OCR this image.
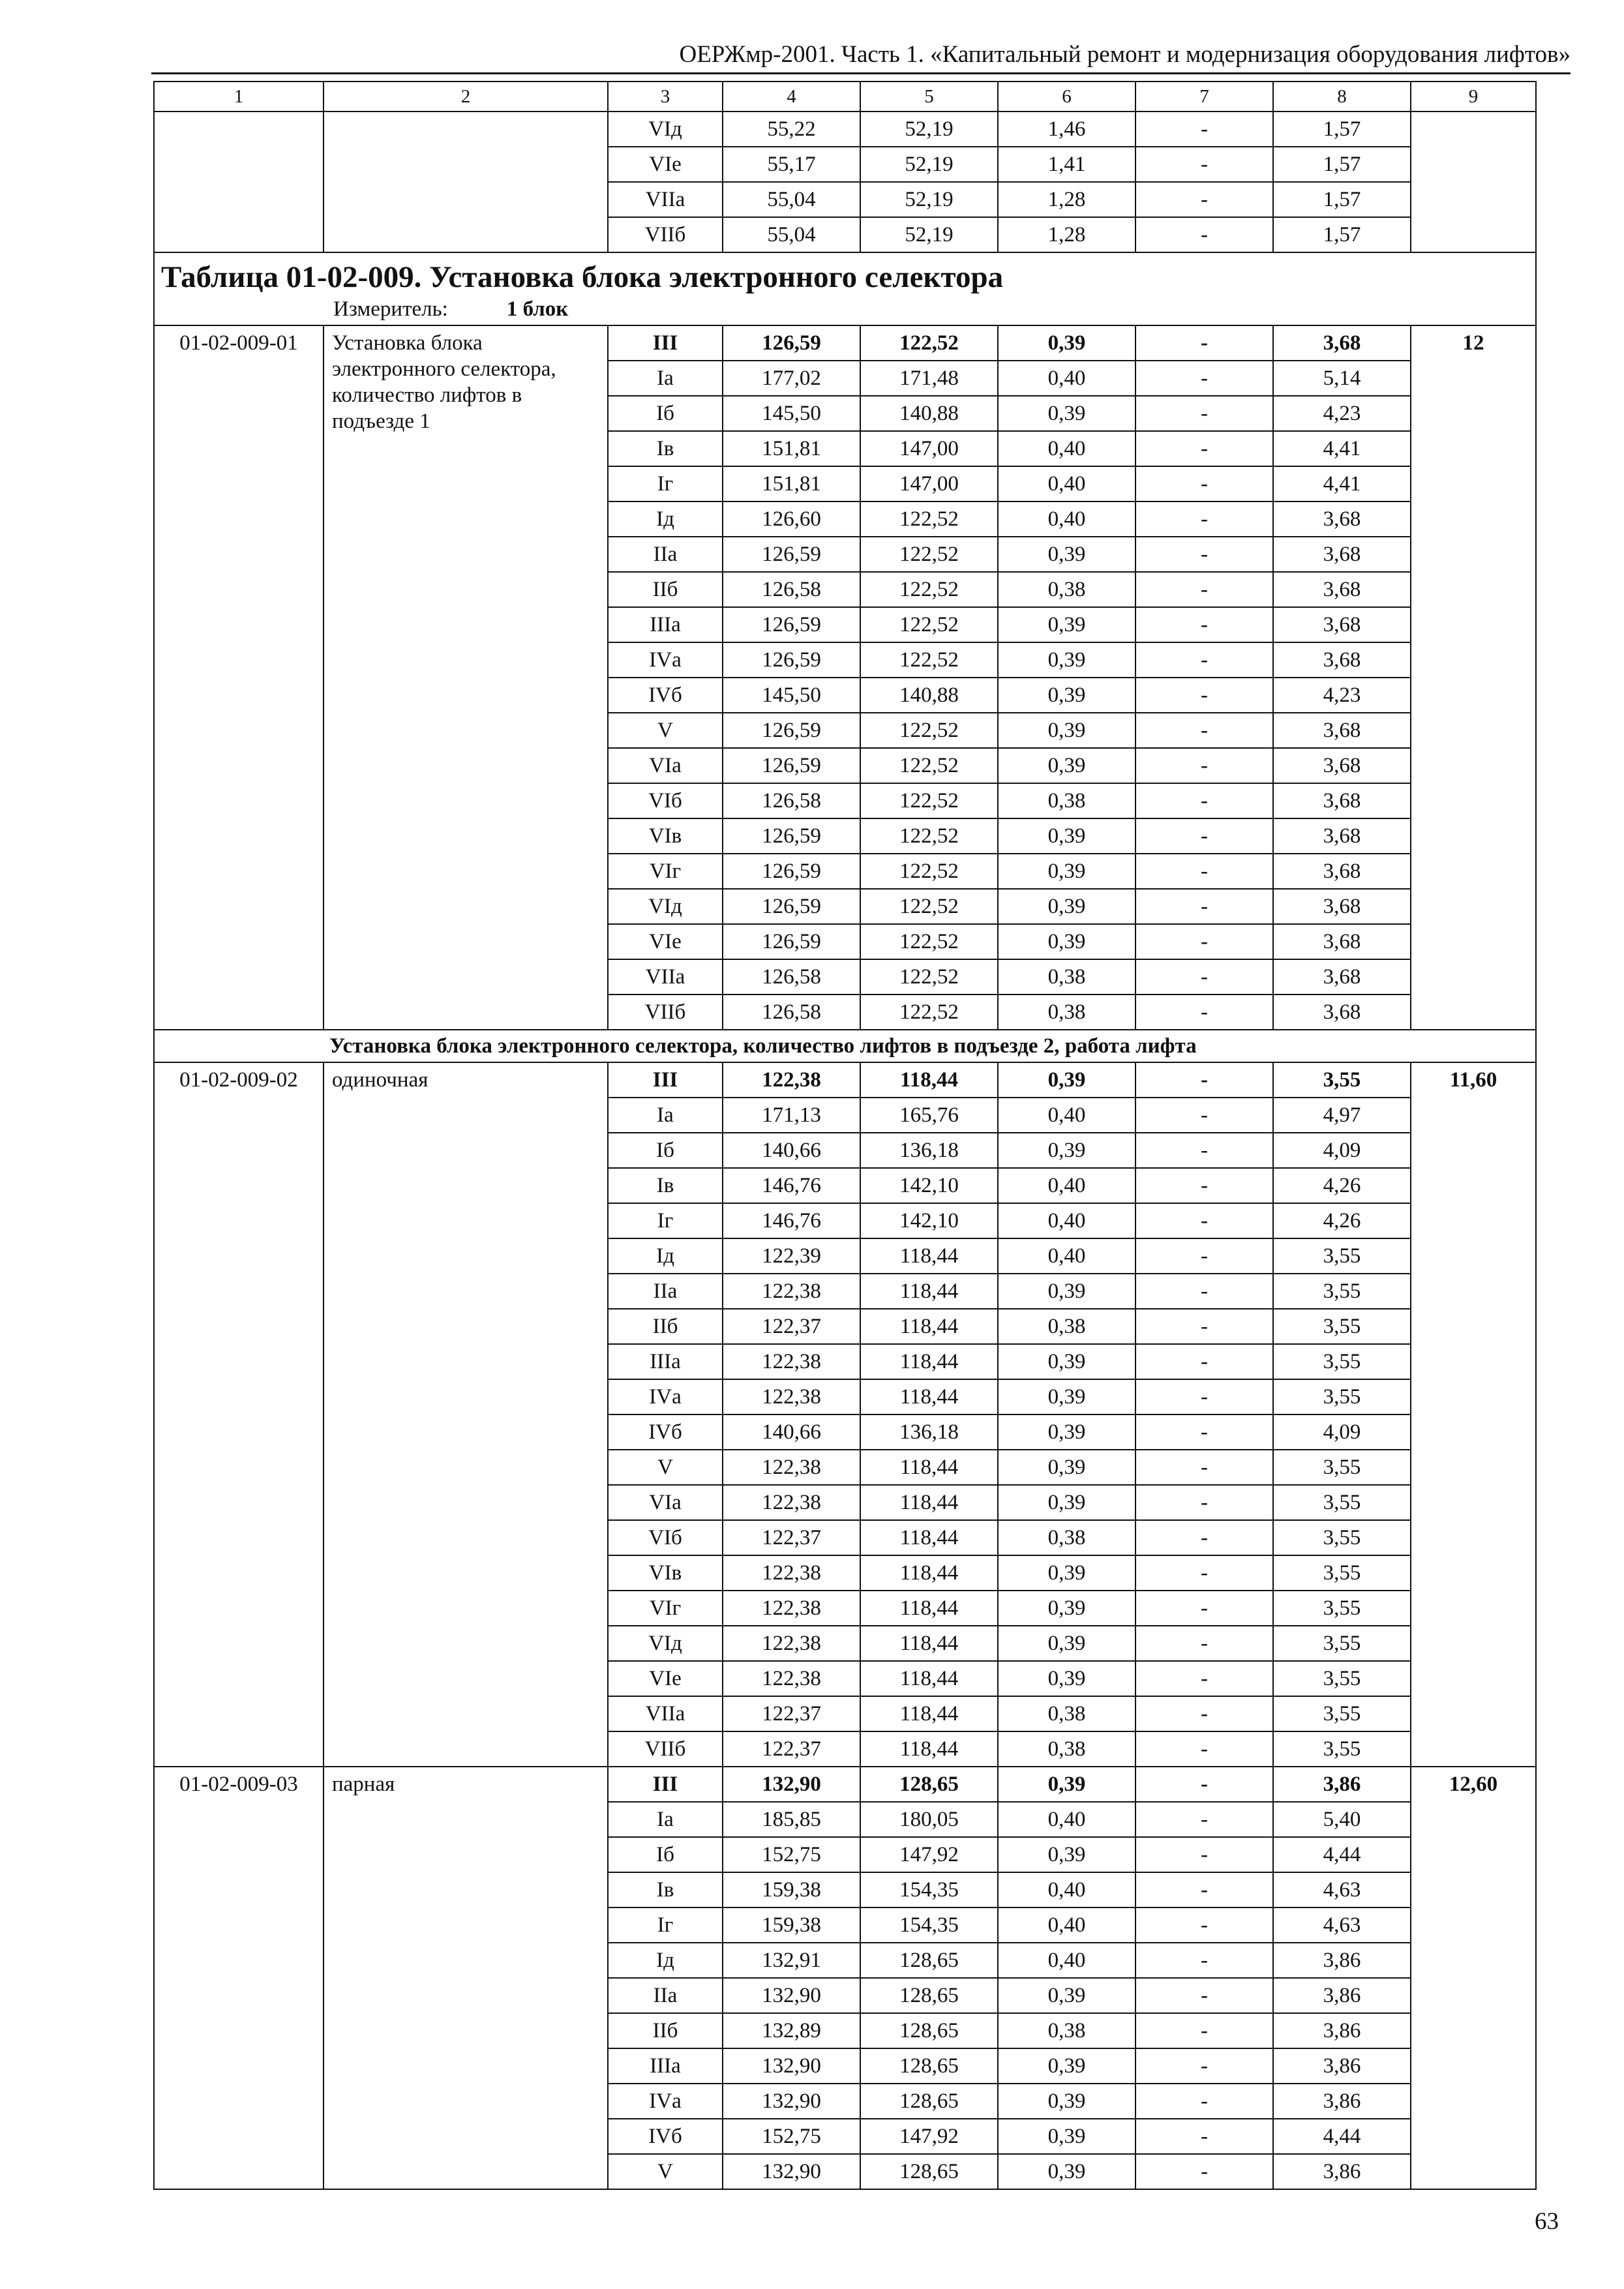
ОЕРЖмр-2001. Часть 1. «Капитальный ремонт и модернизация оборудования лифтов»
1	2	3	4	5	6	7	8	9
		VIд	55,22	52,19	1,46	-	1,57	
		VIе	55,17	52,19	1,41	-	1,57	
		VIIа	55,04	52,19	1,28	-	1,57	
		VIIб	55,04	52,19	1,28	-	1,57	

Таблица 01-02-009. Установка блока электронного селектора
Измеритель: 1 блок								

01-02-009-01	Установка блока электронного селектора, количество лифтов в подъезде 1	III	126,59	122,52	0,39	-	3,68	12
		Iа	177,02	171,48	0,40	-	5,14	
		Iб	145,50	140,88	0,39	-	4,23	
		Iв	151,81	147,00	0,40	-	4,41	
		Iг	151,81	147,00	0,40	-	4,41	
		Iд	126,60	122,52	0,40	-	3,68	
		IIа	126,59	122,52	0,39	-	3,68	
		IIб	126,58	122,52	0,38	-	3,68	
		IIIа	126,59	122,52	0,39	-	3,68	
		IVа	126,59	122,52	0,39	-	3,68	
		IVб	145,50	140,88	0,39	-	4,23	
		V	126,59	122,52	0,39	-	3,68	
		VIа	126,59	122,52	0,39	-	3,68	
		VIб	126,58	122,52	0,38	-	3,68	
		VIв	126,59	122,52	0,39	-	3,68	
		VIг	126,59	122,52	0,39	-	3,68	
		VIд	126,59	122,52	0,39	-	3,68	
		VIе	126,59	122,52	0,39	-	3,68	
		VIIа	126,58	122,52	0,38	-	3,68	
		VIIб	126,58	122,52	0,38	-	3,68	
Установка блока электронного селектора, количество лифтов в подъезде 2, работа лифта								
01-02-009-02	одиночная	III	122,38	118,44	0,39	-	3,55	11,60
		Iа	171,13	165,76	0,40	-	4,97	
		Iб	140,66	136,18	0,39	-	4,09	
		Iв	146,76	142,10	0,40	-	4,26	
		Iг	146,76	142,10	0,40	-	4,26	
		Iд	122,39	118,44	0,40	-	3,55	
		IIа	122,38	118,44	0,39	-	3,55	
		IIб	122,37	118,44	0,38	-	3,55	
		IIIа	122,38	118,44	0,39	-	3,55	
		IVа	122,38	118,44	0,39	-	3,55	
		IVб	140,66	136,18	0,39	-	4,09	
		V	122,38	118,44	0,39	-	3,55	
		VIа	122,38	118,44	0,39	-	3,55	
		VIб	122,37	118,44	0,38	-	3,55	
		VIв	122,38	118,44	0,39	-	3,55	
		VIг	122,38	118,44	0,39	-	3,55	
		VIд	122,38	118,44	0,39	-	3,55	
		VIе	122,38	118,44	0,39	-	3,55	
		VIIа	122,37	118,44	0,38	-	3,55	
		VIIб	122,37	118,44	0,38	-	3,55	
01-02-009-03	парная	III	132,90	128,65	0,39	-	3,86	12,60
		Iа	185,85	180,05	0,40	-	5,40	
		Iб	152,75	147,92	0,39	-	4,44	
		Iв	159,38	154,35	0,40	-	4,63	
		Iг	159,38	154,35	0,40	-	4,63	
		Iд	132,91	128,65	0,40	-	3,86	
		IIа	132,90	128,65	0,39	-	3,86	
		IIб	132,89	128,65	0,38	-	3,86	
		IIIа	132,90	128,65	0,39	-	3,86	
		IVа	132,90	128,65	0,39	-	3,86	
		IVб	152,75	147,92	0,39	-	4,44	
		V	132,90	128,65	0,39	-	3,86	
63
